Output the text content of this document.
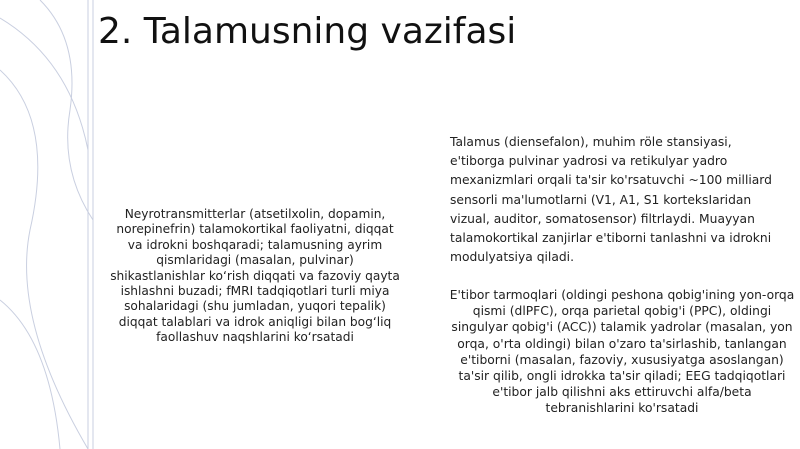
2. Talamusning vazifasi

Neyrotransmitterlar (atsetilxolin, dopamin, norepinefrin) talamokortikal faoliyatni, diqqat va idrokni boshqaradi; talamusning ayrim qismlaridagi (masalan, pulvinar) shikastlanishlar ko‘rish diqqati va fazoviy qayta ishlashni buzadi; fMRI tadqiqotlari turli miya sohalaridagi (shu jumladan, yuqori tepalik) diqqat talablari va idrok aniqligi bilan bog‘liq faollashuv naqshlarini ko‘rsatadi

Talamus (diensefalon), muhim röle stansiyasi, e'tiborga pulvinar yadrosi va retikulyar yadro mexanizmlari orqali ta'sir ko'rsatuvchi ~100 milliard sensorli ma'lumotlarni (V1, A1, S1 korteksIaridan vizual, auditor, somatosensor) filtrlaydi. Muayyan talamokortikal zanjirlar e'tiborni tanlashni va idrokni modulyatsiya qiladi.

E'tibor tarmoqlari (oldingi peshona qobig'ining yon-orqa qismi (dlPFC), orqa parietal qobig'i (PPC), oldingi singulyar qobig'i (ACC)) talamik yadrolar (masalan, yon orqa, o'rta oldingi) bilan o'zaro ta'sirlashib, tanlangan e'tiborni (masalan, fazoviy, xususiyatga asoslangan) ta'sir qilib, ongli idrokka ta'sir qiladi; EEG tadqiqotlari e'tibor jalb qilishni aks ettiruvchi alfa/beta tebranishlarini ko'rsatadi
